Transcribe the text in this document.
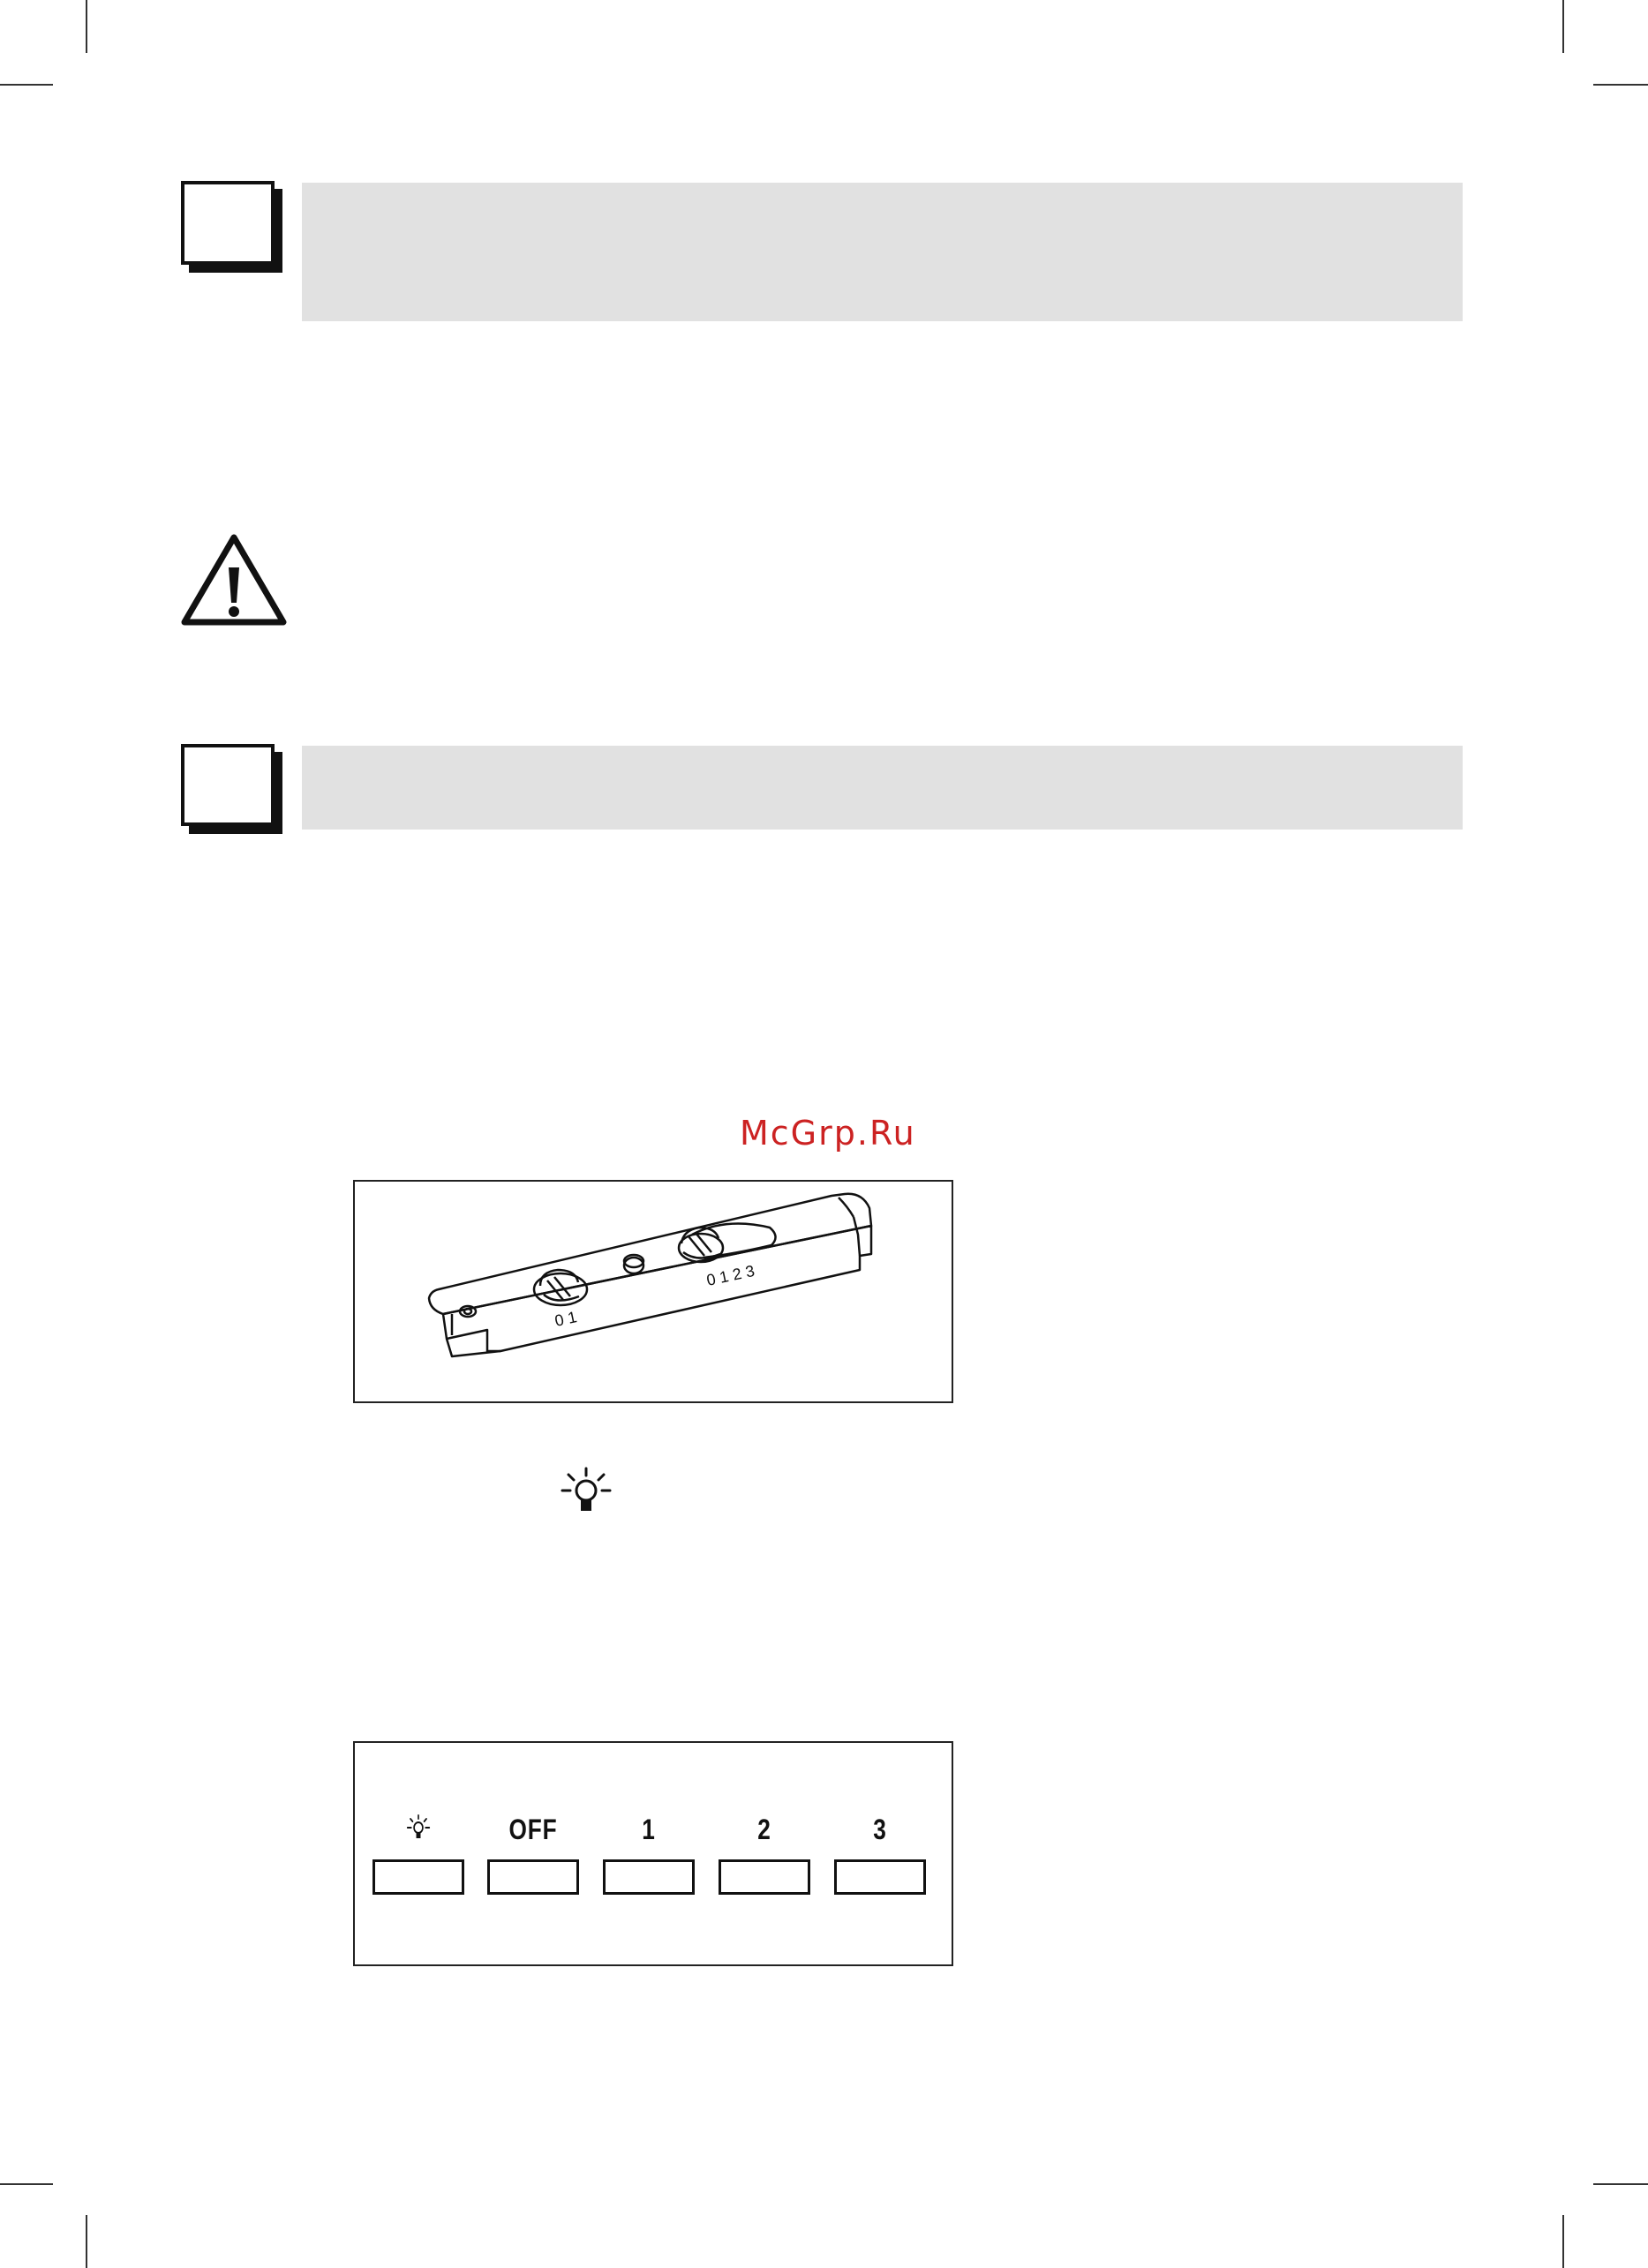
McGrp.Ru
0 1
0 1 2 3
OFF	1	2	3
